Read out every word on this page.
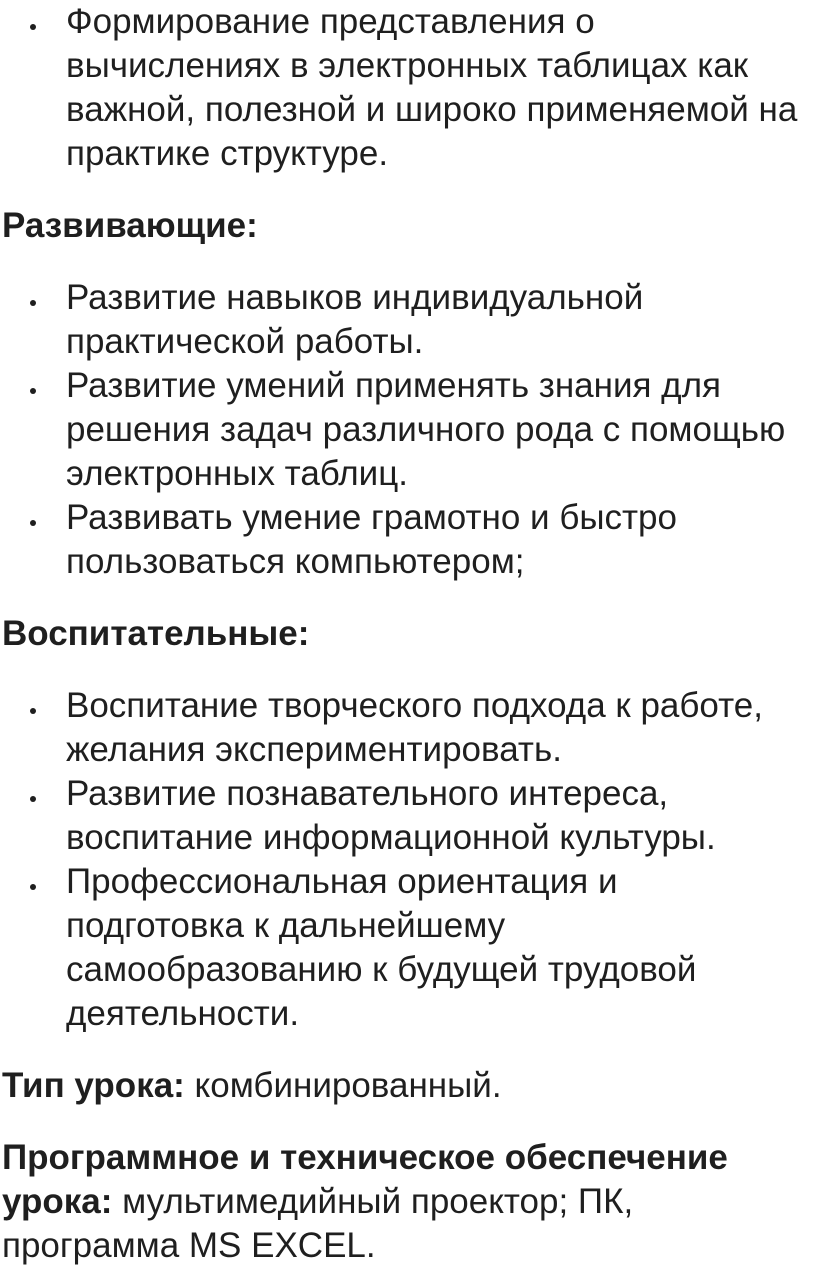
Формирование представления о вычислениях в электронных таблицах как важной, полезной и широко применяемой на практике структуре.

Развивающие:

Развитие навыков индивидуальной практической работы.
Развитие умений применять знания для решения задач различного рода с помощью электронных таблиц.
Развивать умение грамотно и быстро пользоваться компьютером;

Воспитательные:

Воспитание творческого подхода к работе, желания экспериментировать.
Развитие познавательного интереса, воспитание информационной культуры.
Профессиональная ориентация и подготовка к дальнейшему самообразованию к будущей трудовой деятельности.

Тип урока: комбинированный.

Программное и техническое обеспечение урока: мультимедийный проектор; ПК, программа MS EXCEL.
